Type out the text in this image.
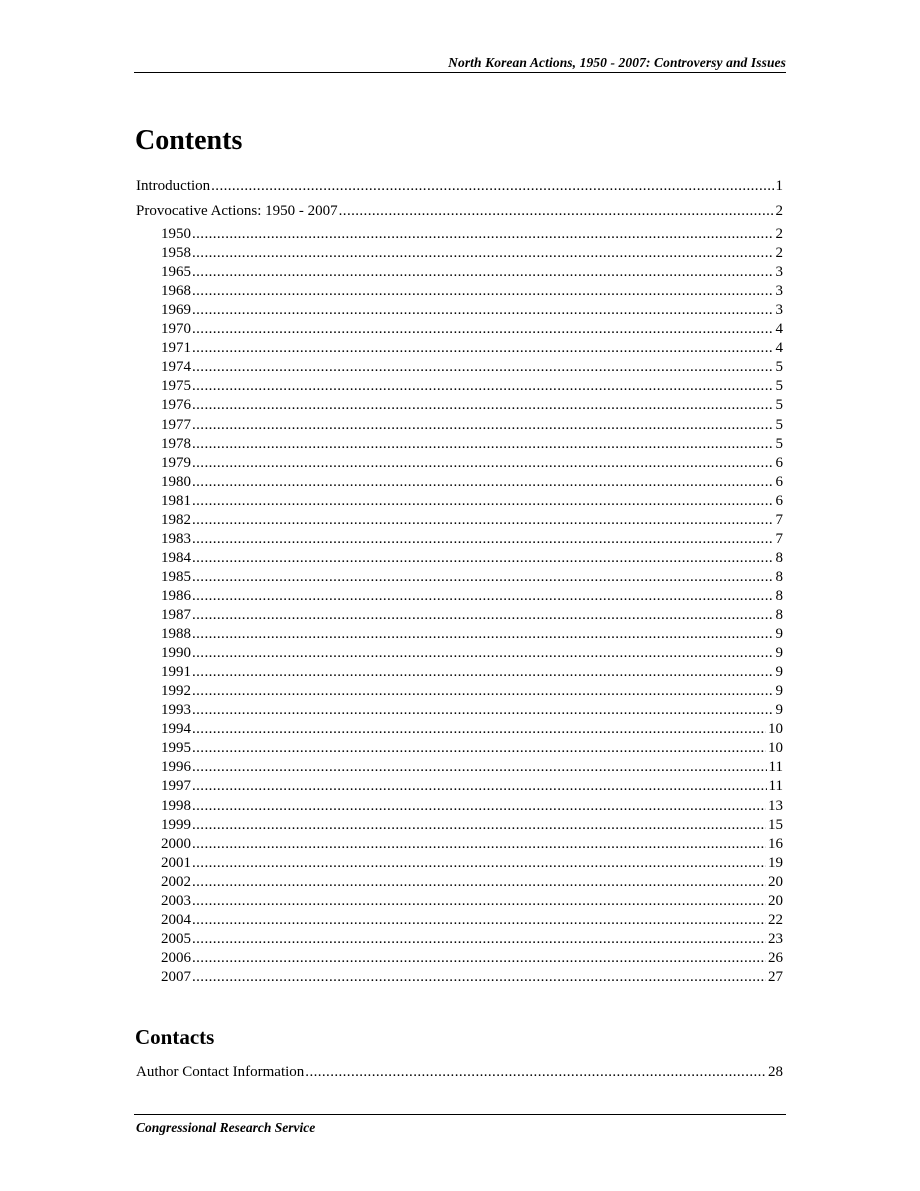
North Korean Actions, 1950 - 2007: Controversy and Issues
Contents
Introduction .....	1
Provocative Actions: 1950 - 2007 .....	2
1950 .....	2
1958 .....	2
1965 .....	3
1968 .....	3
1969 .....	3
1970 .....	4
1971 .....	4
1974 .....	5
1975 .....	5
1976 .....	5
1977 .....	5
1978 .....	5
1979 .....	6
1980 .....	6
1981 .....	6
1982 .....	7
1983 .....	7
1984 .....	8
1985 .....	8
1986 .....	8
1987 .....	8
1988 .....	9
1990 .....	9
1991 .....	9
1992 .....	9
1993 .....	9
1994 .....	10
1995 .....	10
1996 .....	11
1997 .....	11
1998 .....	13
1999 .....	15
2000 .....	16
2001 .....	19
2002 .....	20
2003 .....	20
2004 .....	22
2005 .....	23
2006 .....	26
2007 .....	27
Contacts
Author Contact Information .....	28
Congressional Research Service
